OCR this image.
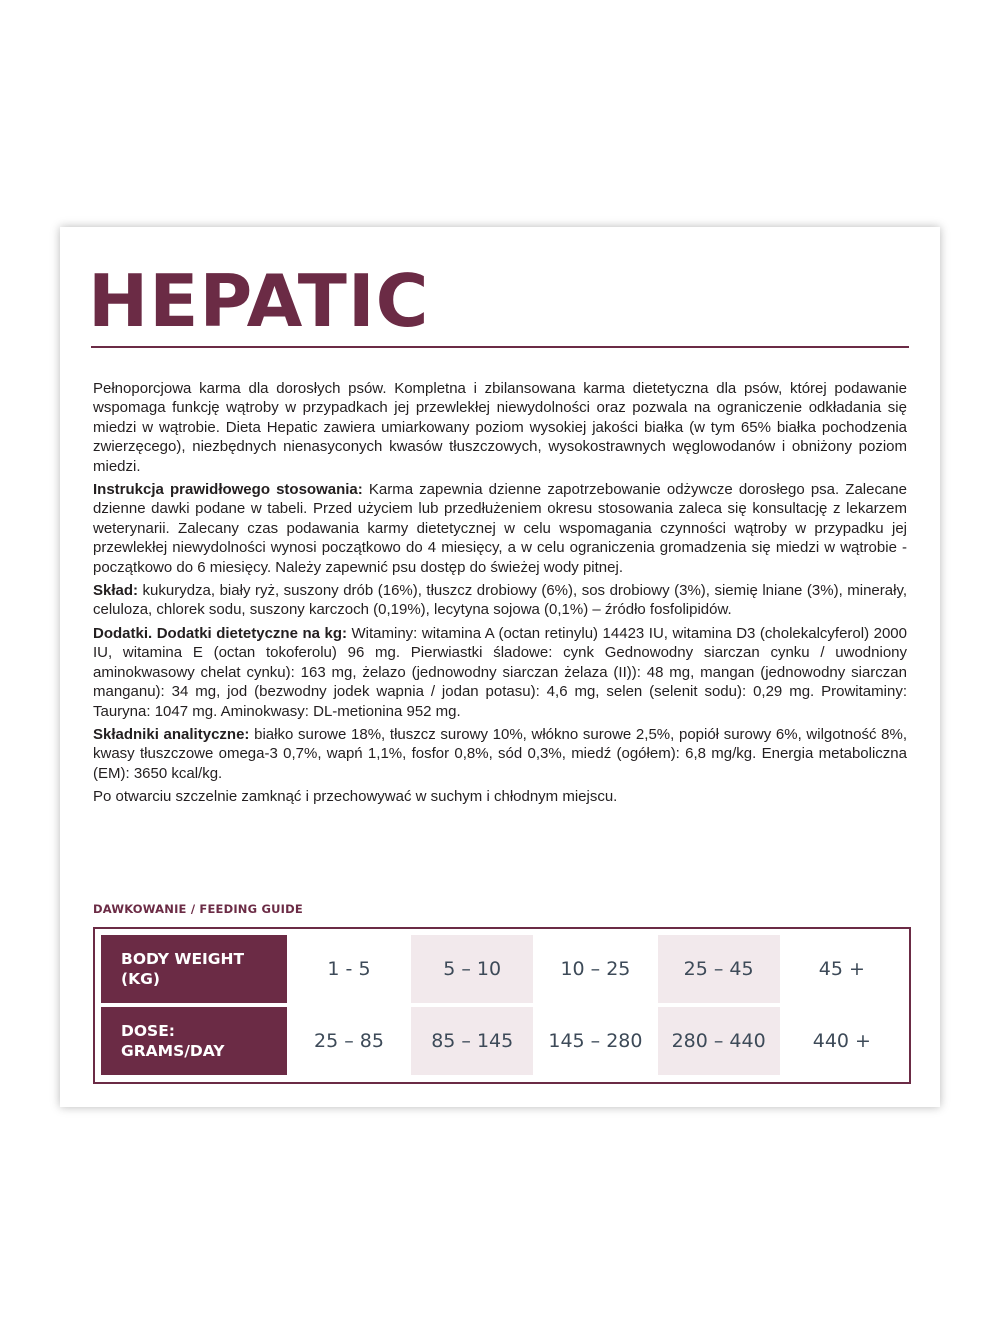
HEPATIC

Pełnoporcjowa karma dla dorosłych psów. Kompletna i zbilansowana karma dietetyczna dla psów, której podawanie wspomaga funkcję wątroby w przypadkach jej przewlekłej niewydolności oraz pozwala na ograniczenie odkładania się miedzi w wątrobie. Dieta Hepatic zawiera umiarkowany poziom wysokiej jakości białka (w tym 65% białka pochodzenia zwierzęcego), niezbędnych nienasyconych kwasów tłuszczowych, wysokostrawnych węglowodanów i obniżony poziom miedzi.

Instrukcja prawidłowego stosowania: Karma zapewnia dzienne zapotrzebowanie odżywcze dorosłego psa. Zalecane dzienne dawki podane w tabeli. Przed użyciem lub przedłużeniem okresu stosowania zaleca się konsultację z lekarzem weterynarii. Zalecany czas podawania karmy dietetycznej w celu wspomagania czynności wątroby w przypadku jej przewlekłej niewydolności wynosi początkowo do 4 miesięcy, a w celu ograniczenia gromadzenia się miedzi w wątrobie - początkowo do 6 miesięcy. Należy zapewnić psu dostęp do świeżej wody pitnej.

Skład: kukurydza, biały ryż, suszony drób (16%), tłuszcz drobiowy (6%), sos drobiowy (3%), siemię lniane (3%), minerały, celuloza, chlorek sodu, suszony karczoch (0,19%), lecytyna sojowa (0,1%) – źródło fosfolipidów.

Dodatki. Dodatki dietetyczne na kg: Witaminy: witamina A (octan retinylu) 14423 IU, witamina D3 (cholekalcyferol) 2000 IU, witamina E (octan tokoferolu) 96 mg. Pierwiastki śladowe: cynk Gednowodny siarczan cynku / uwodniony aminokwasowy chelat cynku): 163 mg, żelazo (jednowodny siarczan żelaza (II)): 48 mg, mangan (jednowodny siarczan manganu): 34 mg, jod (bezwodny jodek wapnia / jodan potasu): 4,6 mg, selen (selenit sodu): 0,29 mg. Prowitaminy: Tauryna: 1047 mg. Aminokwasy: DL-metionina 952 mg.

Składniki analityczne: białko surowe 18%, tłuszcz surowy 10%, włókno surowe 2,5%, popiół surowy 6%, wilgotność 8%, kwasy tłuszczowe omega-3 0,7%, wapń 1,1%, fosfor 0,8%, sód 0,3%, miedź (ogółem): 6,8 mg/kg. Energia metaboliczna (EM): 3650 kcal/kg.

Po otwarciu szczelnie zamknąć i przechowywać w suchym i chłodnym miejscu.

DAWKOWANIE / FEEDING GUIDE
BODY WEIGHT
(KG)	1 - 5	5 – 10	10 – 25	25 – 45	45 +
DOSE:
GRAMS/DAY	25 – 85	85 – 145	145 – 280	280 – 440	440 +
